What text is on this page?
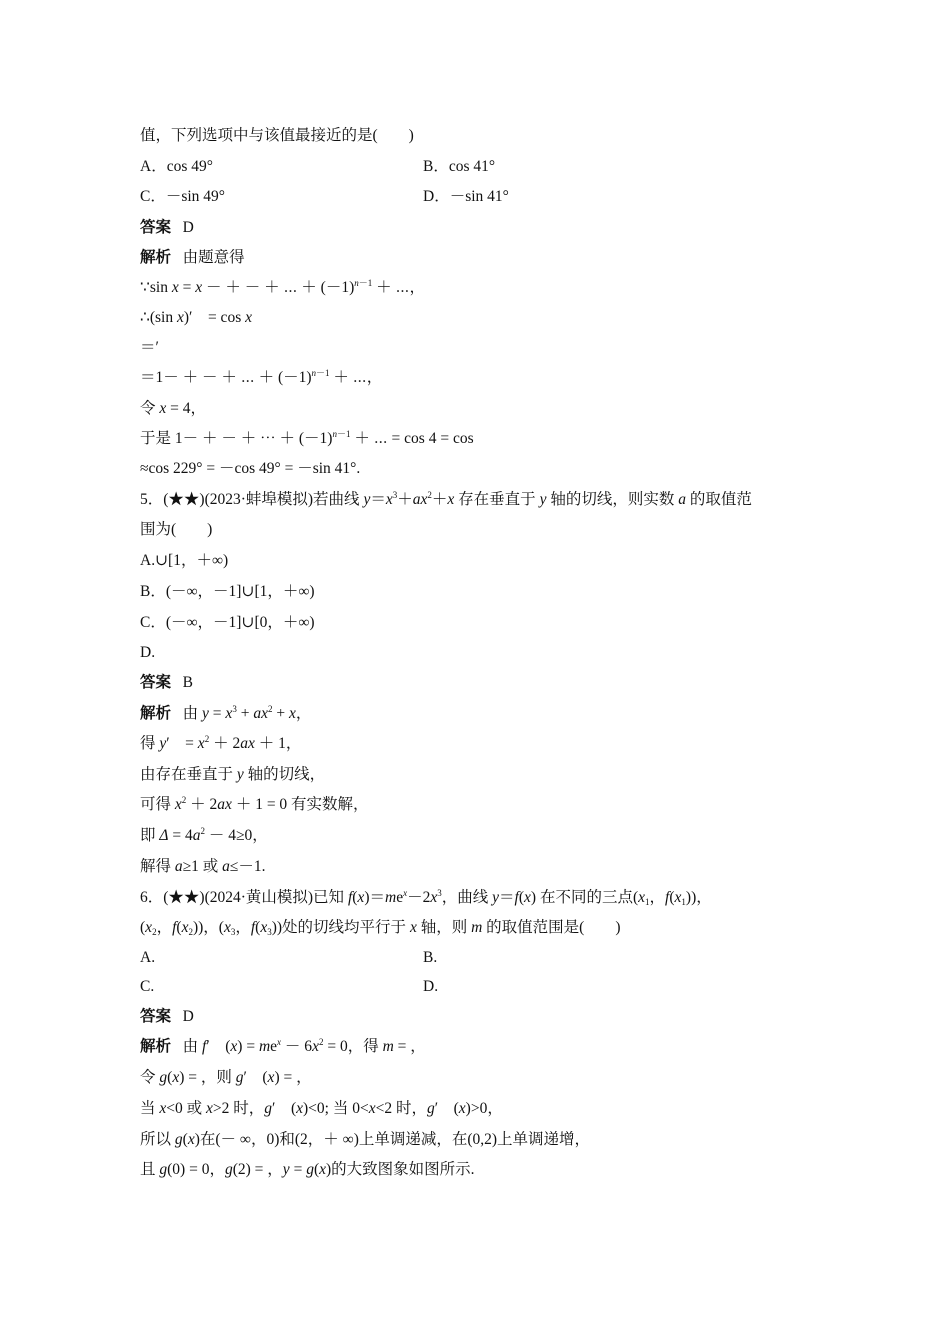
值，下列选项中与该值最接近的是(　　)
A．cos 49°	B．cos 41°
C．－sin 49°	D．－sin 41°
答案 D
解析 由题意得
∵sin x = x － ＋ － ＋ ⋯ ＋ $(-1)^{n-1}$ ＋ ⋯，
∴(sin x)′　= cos x
＝′
＝1－ ＋ － ＋ ⋯ ＋ $(-1)^{n-1}$ ＋ ⋯，
令 x = 4，
于是 1－ ＋ － ＋ ⋯ ＋ $(-1)^{n-1}$ ＋ ⋯ = cos 4 = cos
≈cos 229° = －cos 49° = －sin 41°.
5．(★★)(2023·蚌埠模拟)若曲线 $y=x^3+ax^2+x$ 存在垂直于 y 轴的切线，则实数 a 的取值范
围为(　　)
A.∪[1，＋∞)
B．(－∞，－1]∪[1，＋∞)
C．(－∞，－1]∪[0，＋∞)
D.
答案 B
解析 由 $y = x^3 + ax^2 + x$，
得 y′　= $x^2 + 2ax + 1$，
由存在垂直于 y 轴的切线，
可得 $x^2 + 2ax + 1 = 0$ 有实数解，
即 $\Delta = 4a^2 - 4\ge 0$，
解得 a≥1 或 a≤－1.
6．(★★)(2024·黄山模拟)已知 $f(x)=me^x-2x^3$，曲线 y＝f(x) 在不同的三点($x_1$，$f(x_1)$)，
($x_2$，$f(x_2)$)，($x_3$，$f(x_3)$)处的切线均平行于 x 轴，则 m 的取值范围是(　　)
A.	B.
C.	D.
答案 D
解析 由 f′　$(x) = me^x - 6x^2 = 0$，得 m = ，
令 g(x) = ，则 g′　(x) = ，
当 x<0 或 x>2 时，g′　(x)<0; 当 0<x<2 时，g′　(x)>0，
所以 g(x)在(－ ∞，0)和(2，＋ ∞)上单调递减，在(0,2)上单调递增，
且 g(0) = 0，g(2) = ，y = g(x)的大致图象如图所示.
